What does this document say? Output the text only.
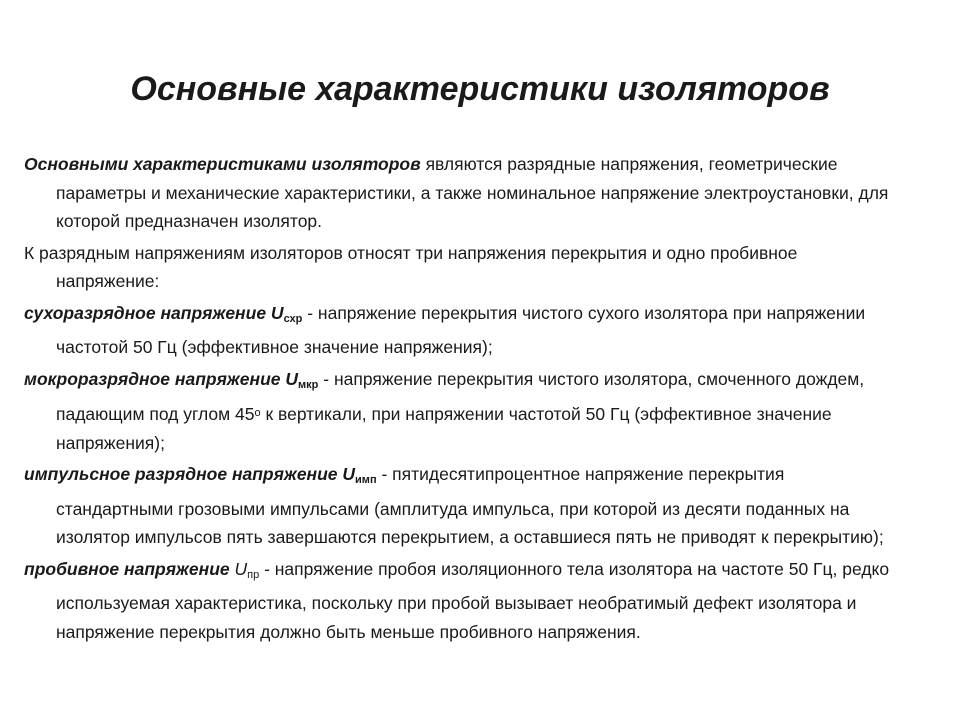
Основные характеристики изоляторов

Основными характеристиками изоляторов являются разрядные напряжения, геометрические параметры и механические характеристики, а также номинальное напряжение электроустановки, для которой предназначен изолятор.

К разрядным напряжениям изоляторов относят три напряжения перекрытия и одно пробивное напряжение:

сухоразрядное напряжение $U_{схр}$ - напряжение перекрытия чистого сухого изолятора при напряжении частотой 50 Гц (эффективное значение напряжения);

мокроразрядное напряжение $U_{мкр}$ - напряжение перекрытия чистого изолятора, смоченного дождем, падающим под углом $45^о$ к вертикали, при напряжении частотой 50 Гц (эффективное значение напряжения);

импульсное разрядное напряжение $U_{имп}$ - пятидесятипроцентное напряжение перекрытия стандартными грозовыми импульсами (амплитуда импульса, при которой из десяти поданных на изолятор импульсов пять завершаются перекрытием, а оставшиеся пять не приводят к перекрытию);

пробивное напряжение $U_{пр}$ - напряжение пробоя изоляционного тела изолятора на частоте 50 Гц, редко используемая характеристика, поскольку при пробой вызывает необратимый дефект изолятора и напряжение перекрытия должно быть меньше пробивного напряжения.
